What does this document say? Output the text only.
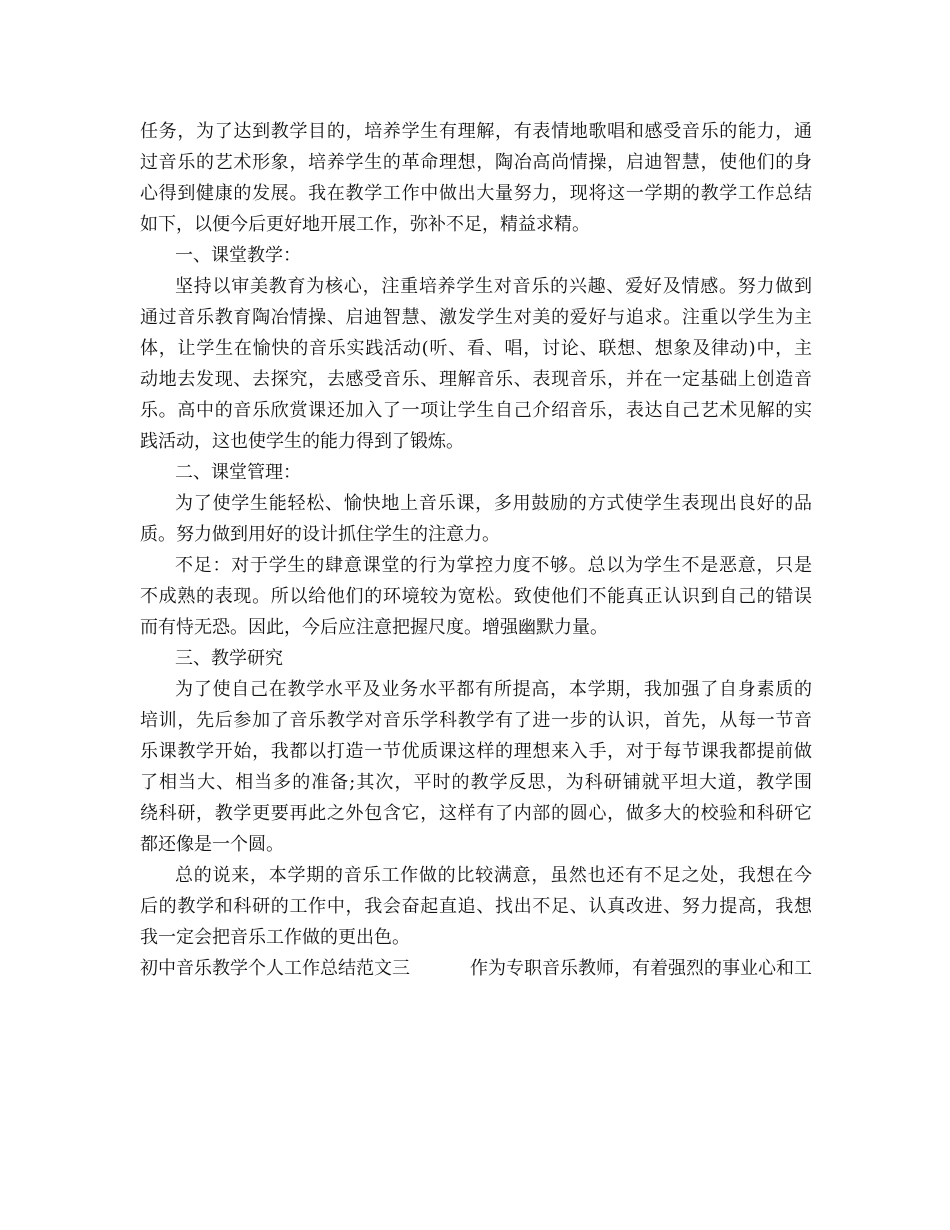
任务，为了达到教学目的，培养学生有理解，有表情地歌唱和感受音乐的能力，通
过音乐的艺术形象，培养学生的革命理想，陶冶高尚情操，启迪智慧，使他们的身
心得到健康的发展。我在教学工作中做出大量努力，现将这一学期的教学工作总结
如下，以便今后更好地开展工作，弥补不足，精益求精。
一、课堂教学：
坚持以审美教育为核心，注重培养学生对音乐的兴趣、爱好及情感。努力做到
通过音乐教育陶冶情操、启迪智慧、激发学生对美的爱好与追求。注重以学生为主
体，让学生在愉快的音乐实践活动(听、看、唱，讨论、联想、想象及律动)中，主
动地去发现、去探究，去感受音乐、理解音乐、表现音乐，并在一定基础上创造音
乐。高中的音乐欣赏课还加入了一项让学生自己介绍音乐，表达自己艺术见解的实
践活动，这也使学生的能力得到了锻炼。
二、课堂管理：
为了使学生能轻松、愉快地上音乐课，多用鼓励的方式使学生表现出良好的品
质。努力做到用好的设计抓住学生的注意力。
不足：对于学生的肆意课堂的行为掌控力度不够。总以为学生不是恶意，只是
不成熟的表现。所以给他们的环境较为宽松。致使他们不能真正认识到自己的错误
而有恃无恐。因此，今后应注意把握尺度。增强幽默力量。
三、教学研究
为了使自己在教学水平及业务水平都有所提高，本学期，我加强了自身素质的
培训，先后参加了音乐教学对音乐学科教学有了进一步的认识，首先，从每一节音
乐课教学开始，我都以打造一节优质课这样的理想来入手，对于每节课我都提前做
了相当大、相当多的准备;其次，平时的教学反思，为科研铺就平坦大道，教学围
绕科研，教学更要再此之外包含它，这样有了内部的圆心，做多大的校验和科研它
都还像是一个圆。
总的说来，本学期的音乐工作做的比较满意，虽然也还有不足之处，我想在今
后的教学和科研的工作中，我会奋起直追、找出不足、认真改进、努力提高，我想
我一定会把音乐工作做的更出色。
初中音乐教学个人工作总结范文三	作为专职音乐教师，有着强烈的事业心和工
